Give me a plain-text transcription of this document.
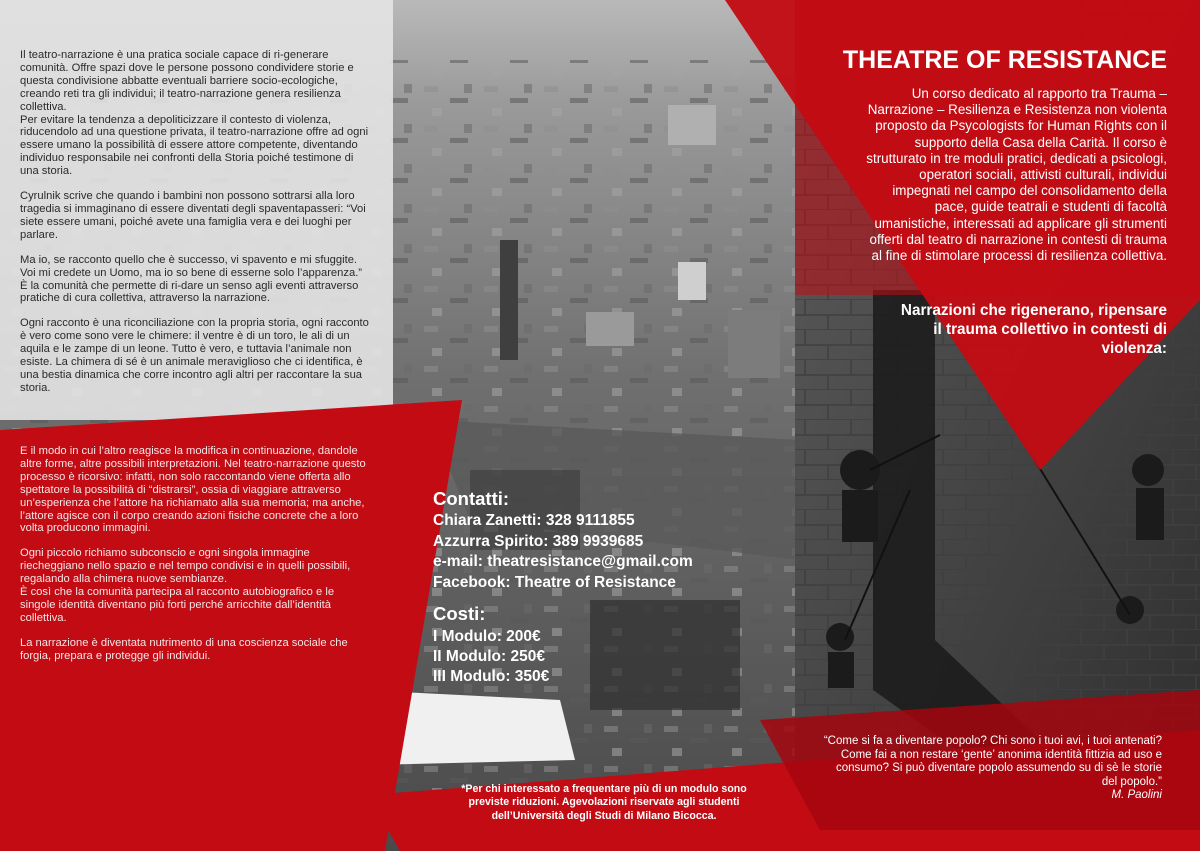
Il teatro-narrazione è una pratica sociale capace di ri-generare comunità. Offre spazi dove le persone possono condividere storie e questa condivisione abbatte eventuali barriere socio-ecologiche, creando reti tra gli individui; il teatro-narrazione genera resilienza collettiva.
Per evitare la tendenza a depoliticizzare il contesto di violenza, riducendolo ad una questione privata, il teatro-narrazione offre ad ogni essere umano la possibilità di essere attore competente, diventando individuo responsabile nei confronti della Storia poiché testimone di una storia.

Cyrulnik scrive che quando i bambini non possono sottrarsi alla loro tragedia si immaginano di essere diventati degli spaventapasseri: “Voi siete essere umani, poiché avete una famiglia vera e dei luoghi per parlare.

Ma io, se racconto quello che è successo, vi spavento e mi sfuggite. Voi mi credete un Uomo, ma io so bene di esserne solo l’apparenza.” È la comunità che permette di ri-dare un senso agli eventi attraverso pratiche di cura collettiva, attraverso la narrazione.

Ogni racconto è una riconciliazione con la propria storia, ogni racconto è vero come sono vere le chimere: il ventre è di un toro, le ali di un aquila e le zampe di un leone. Tutto è vero, e tuttavia l’animale non esiste. La chimera di sé è un animale meraviglioso che ci identifica, è una bestia dinamica che corre incontro agli altri per raccontare la sua storia.

E il modo in cui l’altro reagisce la modifica in continuazione, dandole altre forme, altre possibili interpretazioni. Nel teatro-narrazione questo processo è ricorsivo: infatti, non solo raccontando viene offerta allo spettatore la possibilità di “distrarsi”, ossia di viaggiare attraverso un’esperienza che l’attore ha richiamato alla sua memoria; ma anche, l’attore agisce con il corpo creando azioni fisiche concrete che a loro volta producono immagini.

Ogni piccolo richiamo subconscio e ogni singola immagine riecheggiano nello spazio e nel tempo condivisi e in quelli possibili, regalando alla chimera nuove sembianze.
È così che la comunità partecipa al racconto autobiografico e le singole identità diventano più forti perché arricchite dall’identità collettiva.

La narrazione è diventata nutrimento di una coscienza sociale che forgia, prepara e protegge gli individui.

Contatti:
Chiara Zanetti: 328 9111855
Azzurra Spirito: 389 9939685
e-mail: theatresistance@gmail.com
Facebook: Theatre of Resistance
Costi:
I Modulo: 200€
II Modulo: 250€
III Modulo: 350€
*Per chi interessato a frequentare più di un modulo sono previste riduzioni. Agevolazioni riservate agli studenti dell’Università degli Studi di Milano Bicocca.
THEATRE OF RESISTANCE
Un corso dedicato al rapporto tra Trauma – Narrazione – Resilienza e Resistenza non violenta proposto da Psycologists for Human Rights con il supporto della Casa della Carità. Il corso è strutturato in tre moduli pratici, dedicati a psicologi, operatori sociali, attivisti culturali, individui impegnati nel campo del consolidamento della pace, guide teatrali e studenti di facoltà umanistiche, interessati ad applicare gli strumenti offerti dal teatro di narrazione in contesti di trauma al fine di stimolare processi di resilienza collettiva.
Narrazioni che rigenerano, ripensare il trauma collettivo in contesti di violenza:
“Come si fa a diventare popolo? Chi sono i tuoi avi, i tuoi antenati? Come fai a non restare ‘gente’ anonima identità fittizia ad uso e consumo? Si può diventare popolo assumendo su di sè le storie del popolo.”
M. Paolini
